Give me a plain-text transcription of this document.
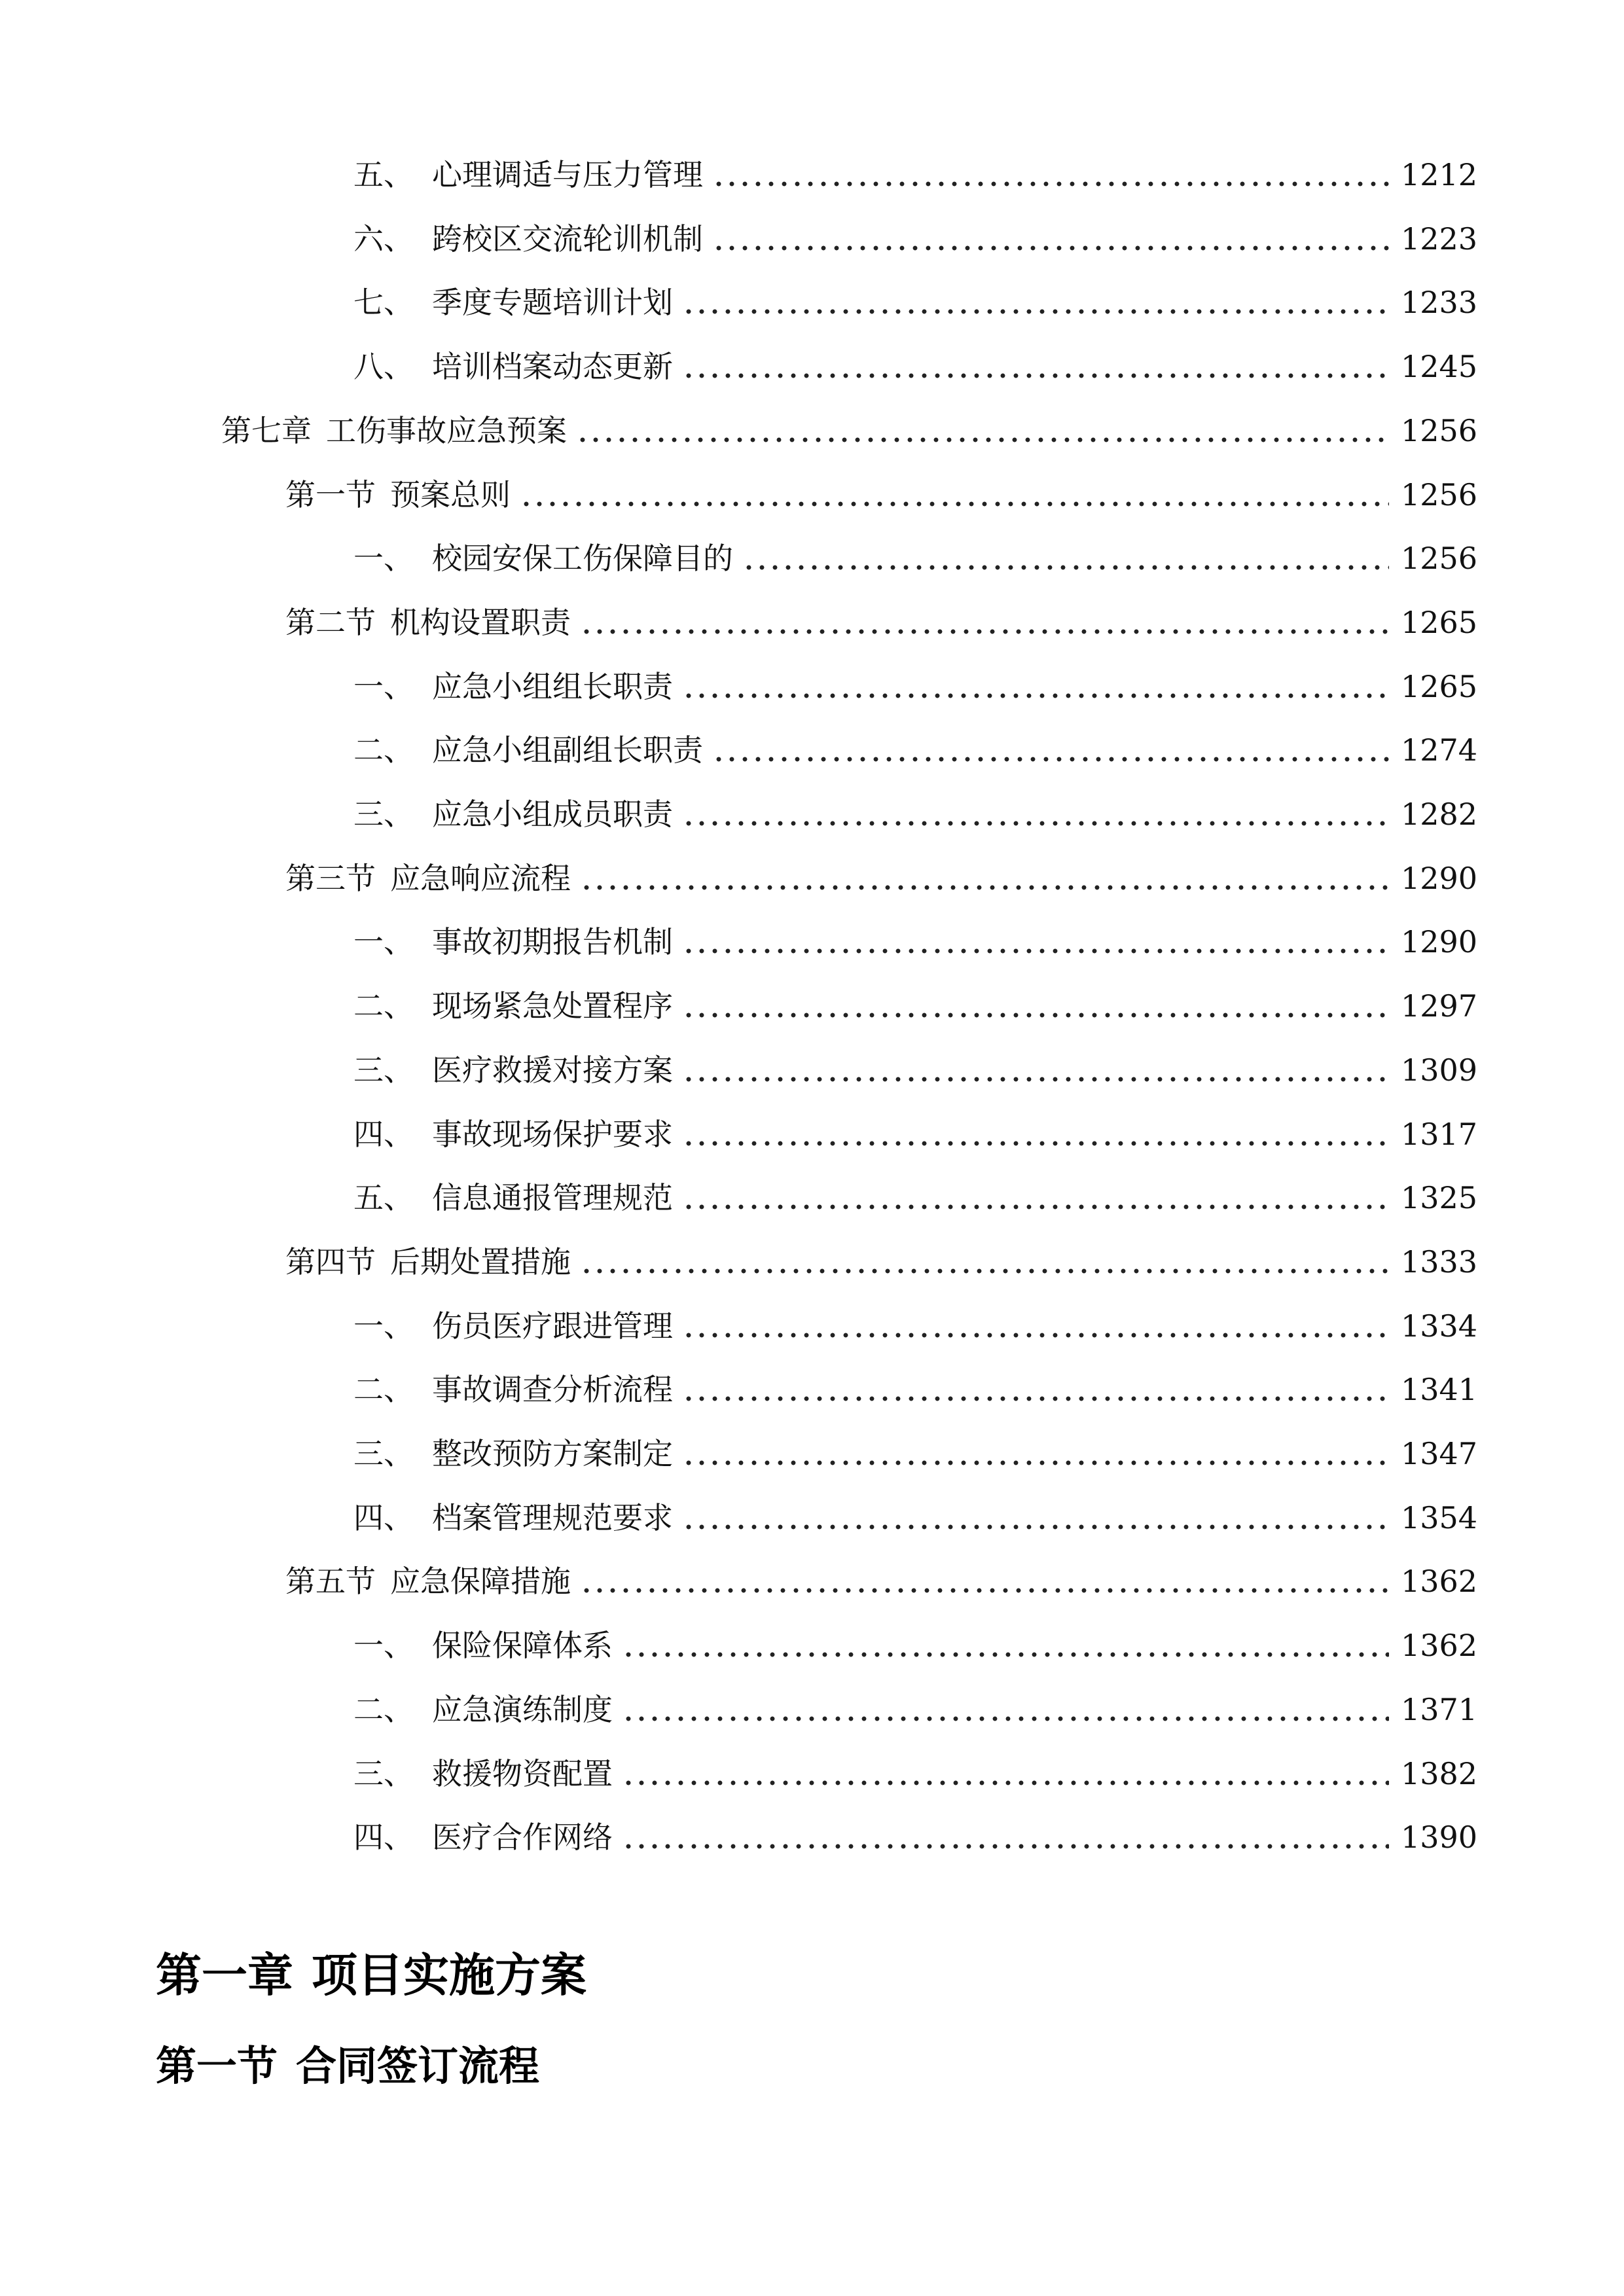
五、 心理调适与压力管理	1212
六、 跨校区交流轮训机制	1223
七、 季度专题培训计划	1233
八、 培训档案动态更新	1245
第七章 工伤事故应急预案	1256
第一节 预案总则	1256
一、 校园安保工伤保障目的	1256
第二节 机构设置职责	1265
一、 应急小组组长职责	1265
二、 应急小组副组长职责	1274
三、 应急小组成员职责	1282
第三节 应急响应流程	1290
一、 事故初期报告机制	1290
二、 现场紧急处置程序	1297
三、 医疗救援对接方案	1309
四、 事故现场保护要求	1317
五、 信息通报管理规范	1325
第四节 后期处置措施	1333
一、 伤员医疗跟进管理	1334
二、 事故调查分析流程	1341
三、 整改预防方案制定	1347
四、 档案管理规范要求	1354
第五节 应急保障措施	1362
一、 保险保障体系	1362
二、 应急演练制度	1371
三、 救援物资配置	1382
四、 医疗合作网络	1390
第一章 项目实施方案
第一节 合同签订流程
